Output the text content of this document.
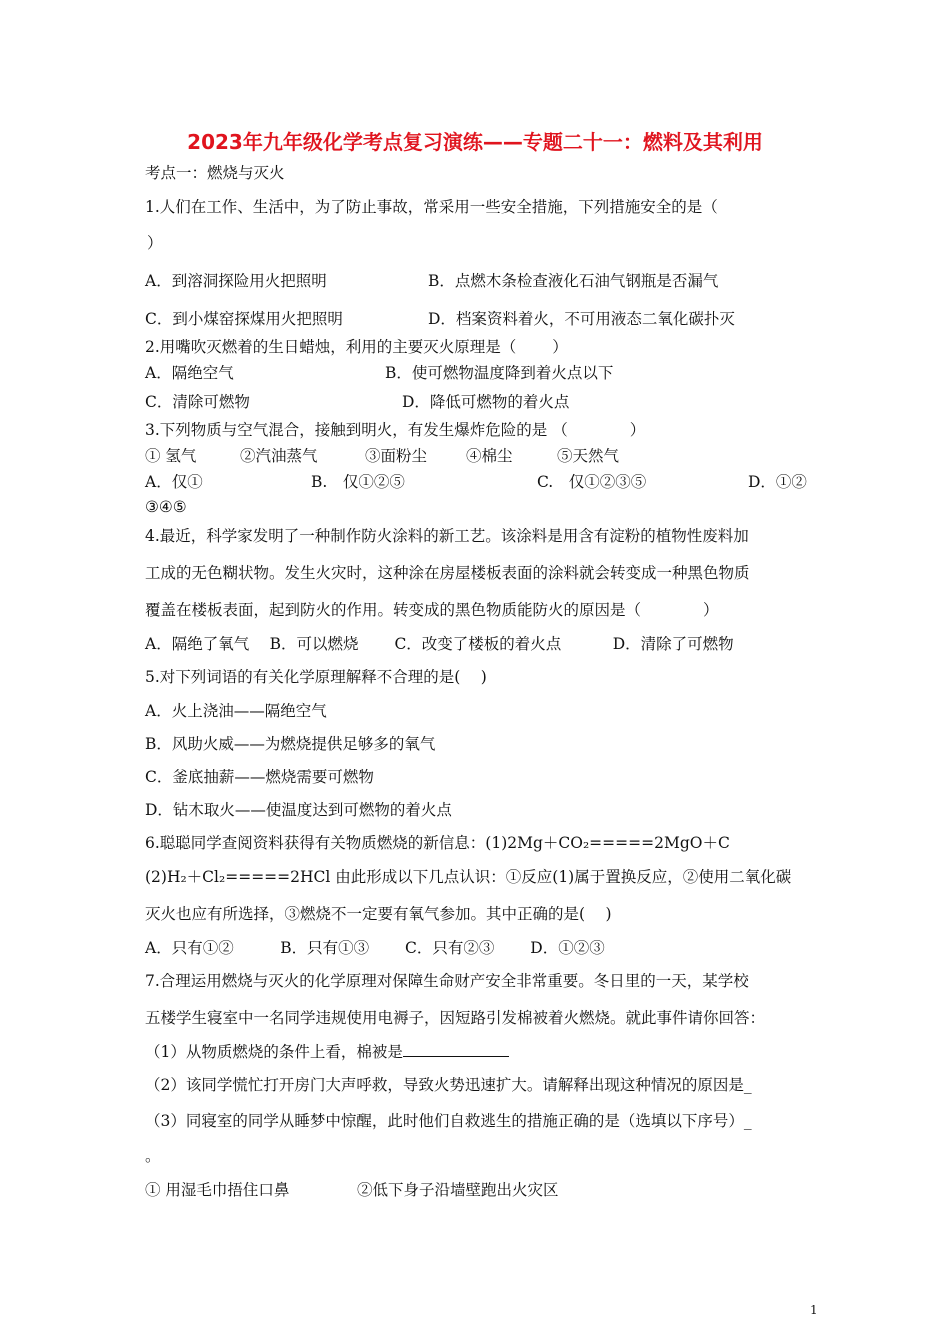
2023年九年级化学考点复习演练——专题二十一：燃料及其利用
考点一：燃烧与灭火
1.人们在工作、生活中，为了防止事故，常采用一些安全措施，下列措施安全的是（
）
A．到溶洞探险用火把照明	B．点燃木条检查液化石油气钢瓶是否漏气
C．到小煤窑探煤用火把照明	D．档案资料着火，不可用液态二氧化碳扑灭
2.用嘴吹灭燃着的生日蜡烛，利用的主要灭火原理是（　　 ）
A．隔绝空气	B．使可燃物温度降到着火点以下
C．清除可燃物	D．降低可燃物的着火点
3.下列物质与空气混合，接触到明火，有发生爆炸危险的是 （　　　　）
① 氢气	②汽油蒸气	③面粉尘	④棉尘	⑤天然气
A．仅①	B.　仅①②⑤	C.　仅①②③⑤	D．①②
③④⑤
4.最近，科学家发明了一种制作防火涂料的新工艺。该涂料是用含有淀粉的植物性废料加
工成的无色糊状物。发生火灾时，这种涂在房屋楼板表面的涂料就会转变成一种黑色物质
覆盖在楼板表面，起到防火的作用。转变成的黑色物质能防火的原因是（　　　　）
A．隔绝了氧气　 B．可以燃烧　　 C．改变了楼板的着火点　　　 D．清除了可燃物
5.对下列词语的有关化学原理解释不合理的是(　 )
A．火上浇油——隔绝空气
B．风助火威——为燃烧提供足够多的氧气
C．釜底抽薪——燃烧需要可燃物
D．钻木取火——使温度达到可燃物的着火点
6.聪聪同学查阅资料获得有关物质燃烧的新信息：(1)2Mg＋CO₂=====2MgO＋C
(2)H₂＋Cl₂=====2HCl 由此形成以下几点认识：①反应(1)属于置换反应，②使用二氧化碳
灭火也应有所选择，③燃烧不一定要有氧气参加。其中正确的是(　 )
A．只有①②　　　B．只有①③　　 C．只有②③　　 D．①②③
7.合理运用燃烧与灭火的化学原理对保障生命财产安全非常重要。冬日里的一天，某学校
五楼学生寝室中一名同学违规使用电褥子，因短路引发棉被着火燃烧。就此事件请你回答：
（1）从物质燃烧的条件上看，棉被是
（2）该同学慌忙打开房门大声呼救，导致火势迅速扩大。请解释出现这种情况的原因是_
（3）同寝室的同学从睡梦中惊醒，此时他们自救逃生的措施正确的是（选填以下序号）_
。
① 用湿毛巾捂住口鼻	②低下身子沿墙壁跑出火灾区
1
